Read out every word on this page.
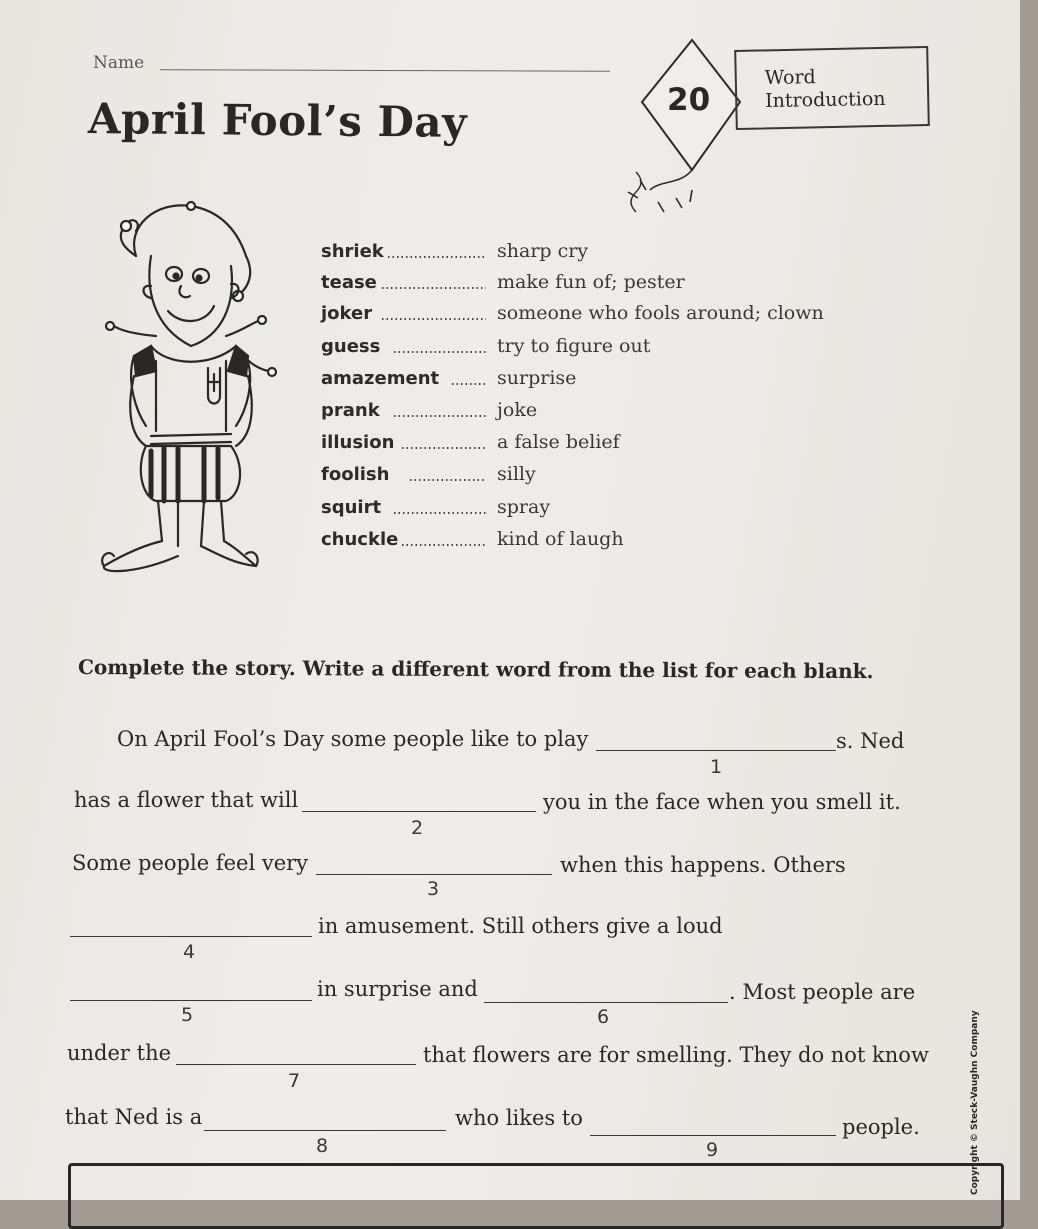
Name
April Fool’s Day	20
Word
Introduction
shriek	sharp cry
tease	make fun of; pester
joker	someone who fools around; clown
guess	try to figure out
amazement	surprise
prank	joke
illusion	a false belief
foolish	silly
squirt	spray
chuckle	kind of laugh
Complete the story. Write a different word from the list for each blank.
On April Fool’s Day some people like to play
1
s. Ned
has a flower that will
2
you in the face when you smell it.
Some people feel very
3
when this happens. Others
4
in amusement. Still others give a loud
5
in surprise and
6
. Most people are
under the
7
that flowers are for smelling. They do not know
that Ned is a
8
who likes to
9
people.	Copyright © Steck-Vaughn Company
